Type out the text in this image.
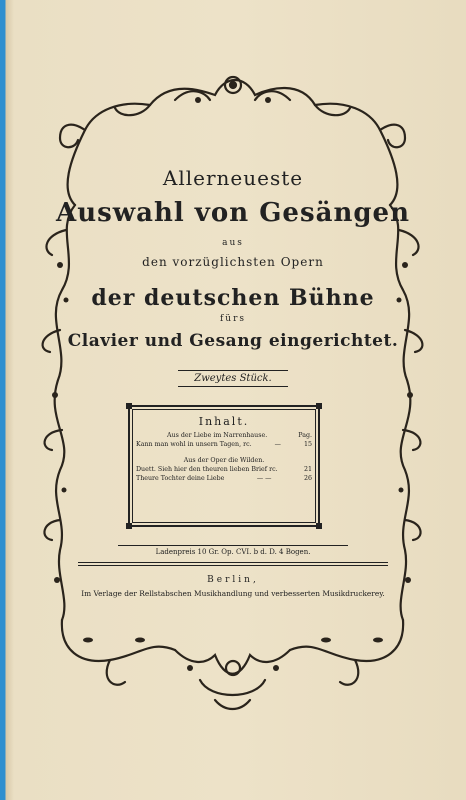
Allerneueste
Auswahl von Gesängen
aus
den vorzüglichsten Opern
der deutschen Bühne
fürs
Clavier und Gesang eingerichtet.
Zweytes Stück.
Inhalt.
Aus der Liebe im Narrenhause.	Pag.
Kann man wohl in unsern Tagen, rc.	—	15
Aus der Oper die Wilden.
Duett. Sieh hier den theuren lieben Brief rc.	21
Theure Tochter deine Liebe	— —	26
Ladenpreis 10 Gr. Op. CVI. b d. D. 4 Bogen.
Berlin,
Im Verlage der Rellstabschen Musikhandlung und verbesserten Musikdruckerey.
